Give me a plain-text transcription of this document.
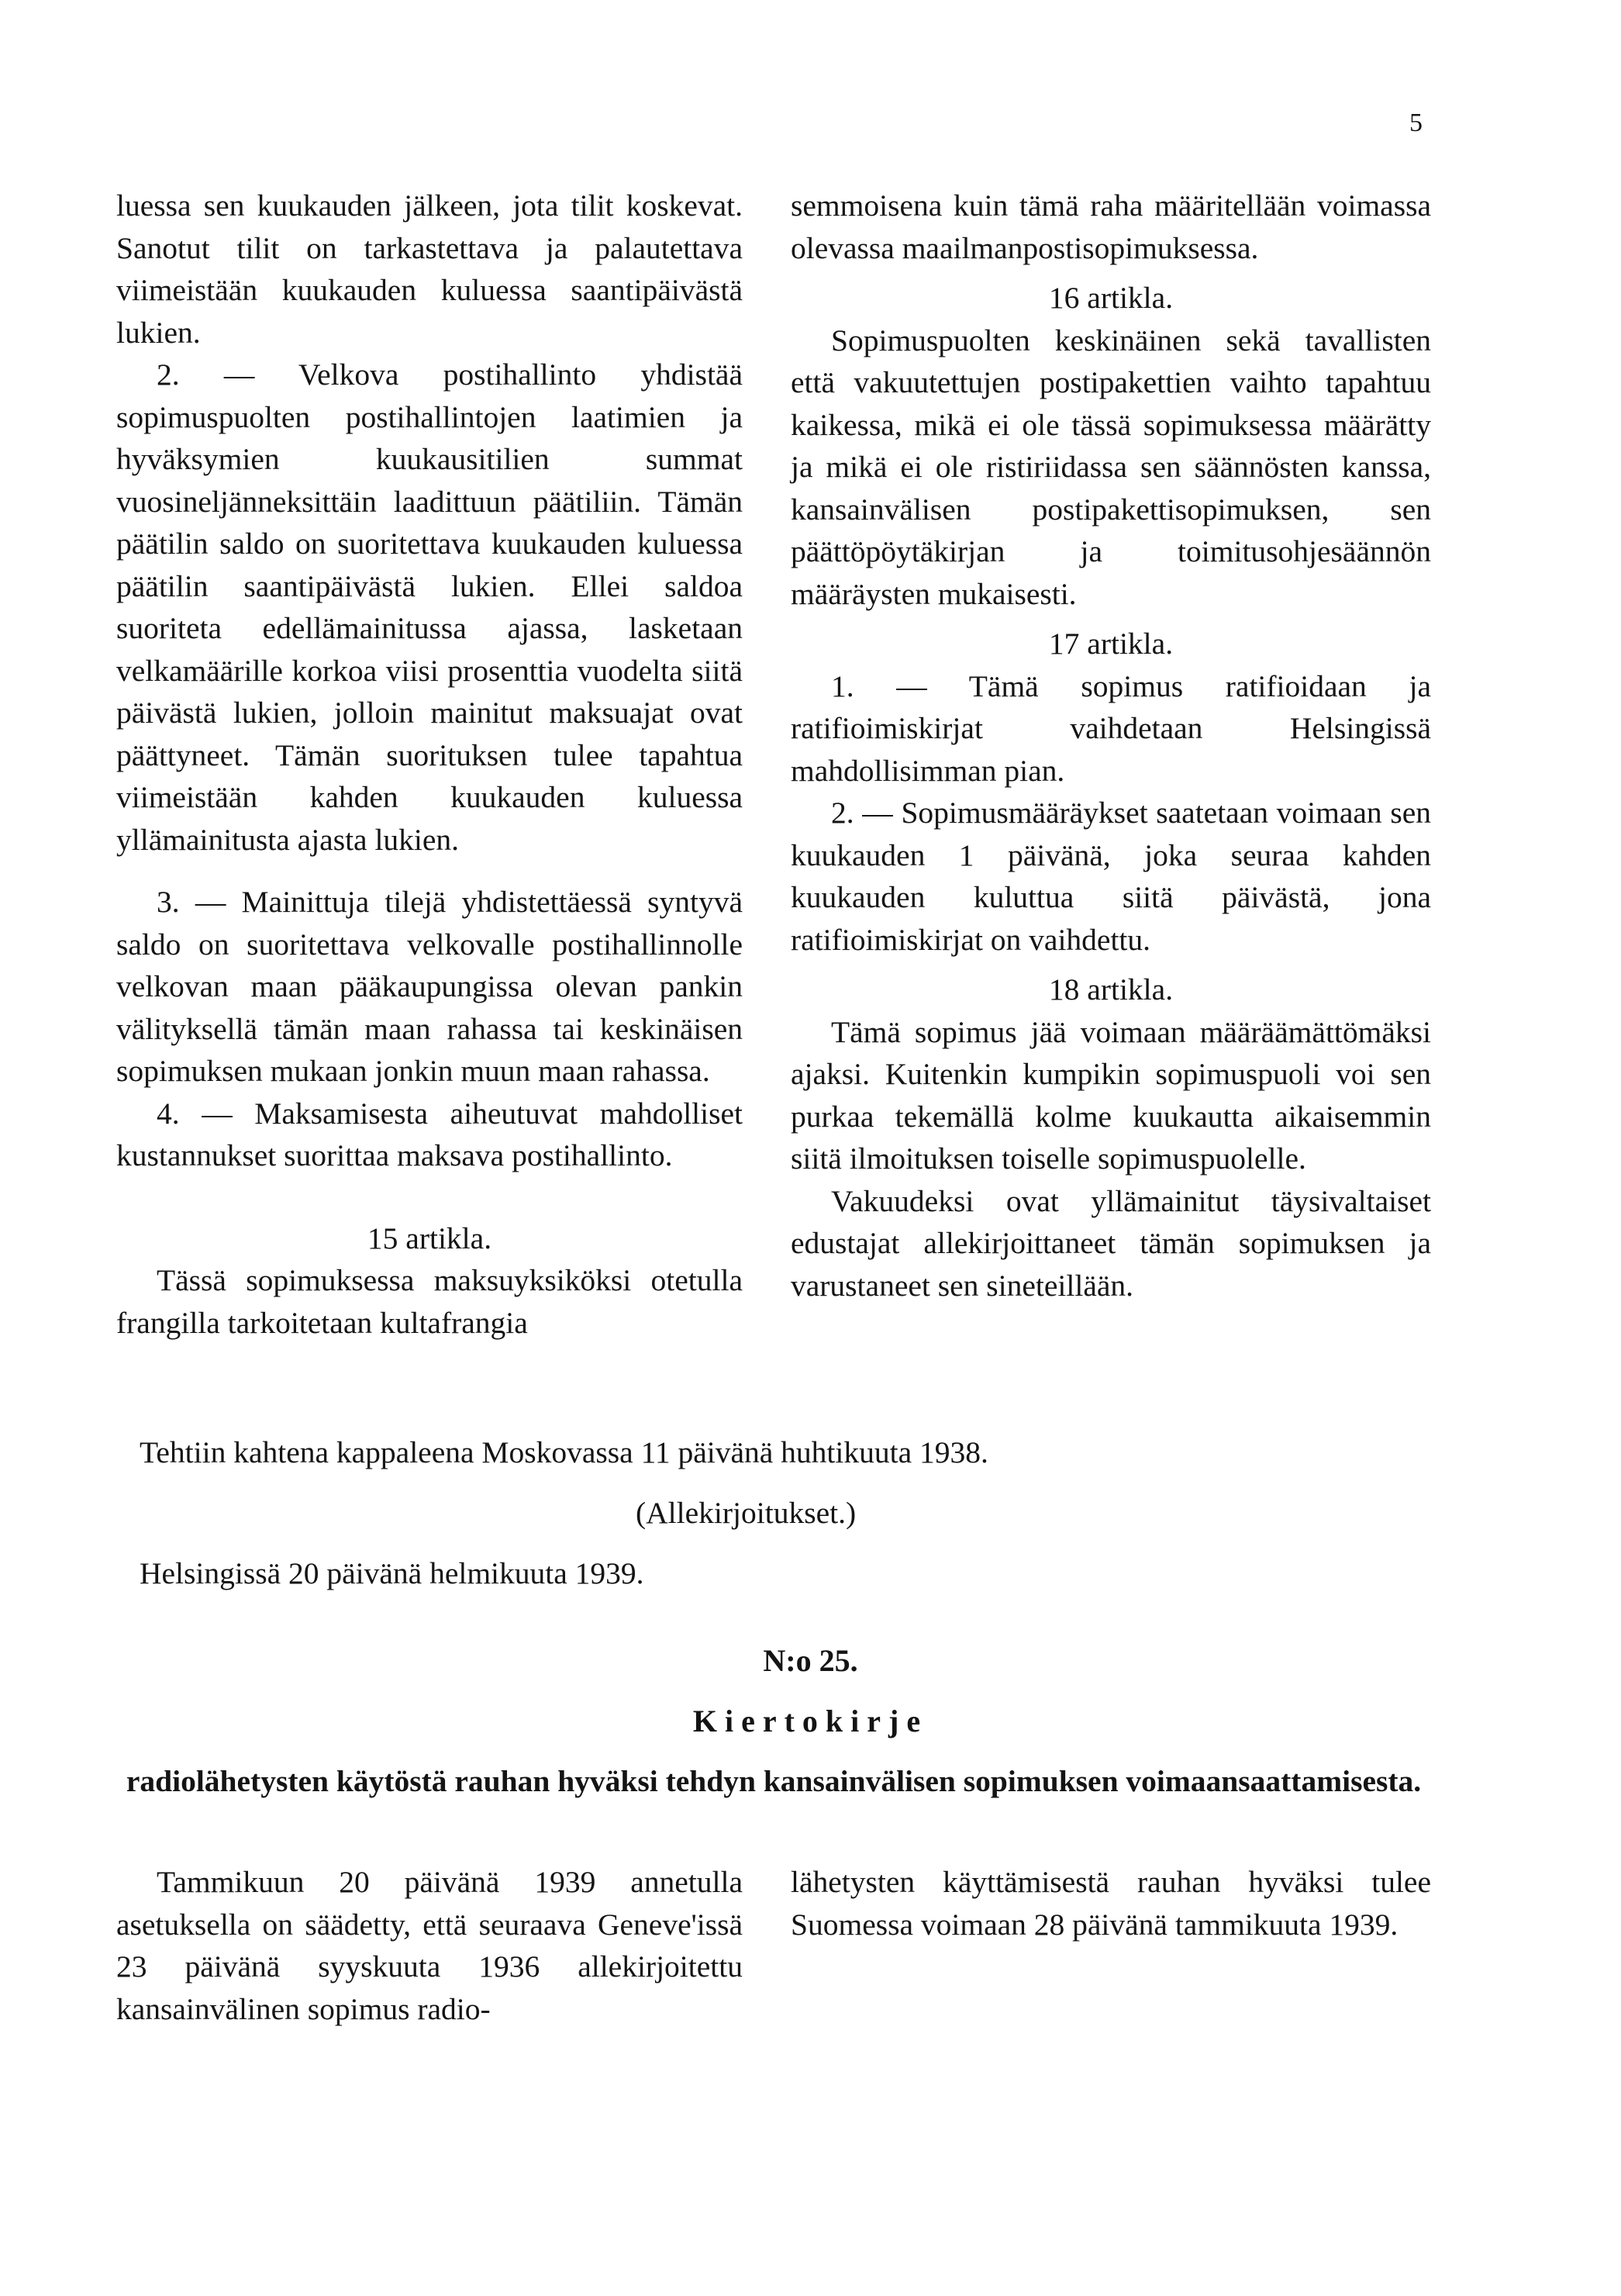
5

luessa sen kuukauden jälkeen, jota tilit koskevat. Sanotut tilit on tarkastettava ja palautettava viimeistään kuukauden kuluessa saantipäivästä lukien.

2. — Velkova postihallinto yhdistää sopimuspuolten postihallintojen laatimien ja hyväksymien kuukausitilien summat vuosineljänneksittäin laadittuun päätiliin. Tämän päätilin saldo on suoritettava kuukauden kuluessa päätilin saantipäivästä lukien. Ellei saldoa suoriteta edellämainitussa ajassa, lasketaan velkamäärille korkoa viisi prosenttia vuodelta siitä päivästä lukien, jolloin mainitut maksuajat ovat päättyneet. Tämän suorituksen tulee tapahtua viimeistään kahden kuukauden kuluessa yllämainitusta ajasta lukien.

3. — Mainittuja tilejä yhdistettäessä syntyvä saldo on suoritettava velkovalle postihallinnolle velkovan maan pääkaupungissa olevan pankin välityksellä tämän maan rahassa tai keskinäisen sopimuksen mukaan jonkin muun maan rahassa.

4. — Maksamisesta aiheutuvat mahdolliset kustannukset suorittaa maksava postihallinto.

15 artikla.

Tässä sopimuksessa maksuyksiköksi otetulla frangilla tarkoitetaan kultafrangia

semmoisena kuin tämä raha määritellään voimassa olevassa maailmanpostisopimuksessa.

16 artikla.

Sopimuspuolten keskinäinen sekä tavallisten että vakuutettujen postipakettien vaihto tapahtuu kaikessa, mikä ei ole tässä sopimuksessa määrätty ja mikä ei ole ristiriidassa sen säännösten kanssa, kansainvälisen postipakettisopimuksen, sen päättöpöytäkirjan ja toimitusohjesäännön määräysten mukaisesti.

17 artikla.

1. — Tämä sopimus ratifioidaan ja ratifioimiskirjat vaihdetaan Helsingissä mahdollisimman pian.

2. — Sopimusmääräykset saatetaan voimaan sen kuukauden 1 päivänä, joka seuraa kahden kuukauden kuluttua siitä päivästä, jona ratifioimiskirjat on vaihdettu.

18 artikla.

Tämä sopimus jää voimaan määräämättömäksi ajaksi. Kuitenkin kumpikin sopimuspuoli voi sen purkaa tekemällä kolme kuukautta aikaisemmin siitä ilmoituksen toiselle sopimuspuolelle.

Vakuudeksi ovat yllämainitut täysivaltaiset edustajat allekirjoittaneet tämän sopimuksen ja varustaneet sen sineteillään.

Tehtiin kahtena kappaleena Moskovassa 11 päivänä huhtikuuta 1938.
(Allekirjoitukset.)
Helsingissä 20 päivänä helmikuuta 1939.
N:o 25.
Kiertokirje
radiolähetysten käytöstä rauhan hyväksi tehdyn kansainvälisen sopimuksen voimaansaattamisesta.

Tammikuun 20 päivänä 1939 annetulla asetuksella on säädetty, että seuraava Geneve'issä 23 päivänä syyskuuta 1936 allekirjoitettu kansainvälinen sopimus radio-

lähetysten käyttämisestä rauhan hyväksi tulee Suomessa voimaan 28 päivänä tammikuuta 1939.
